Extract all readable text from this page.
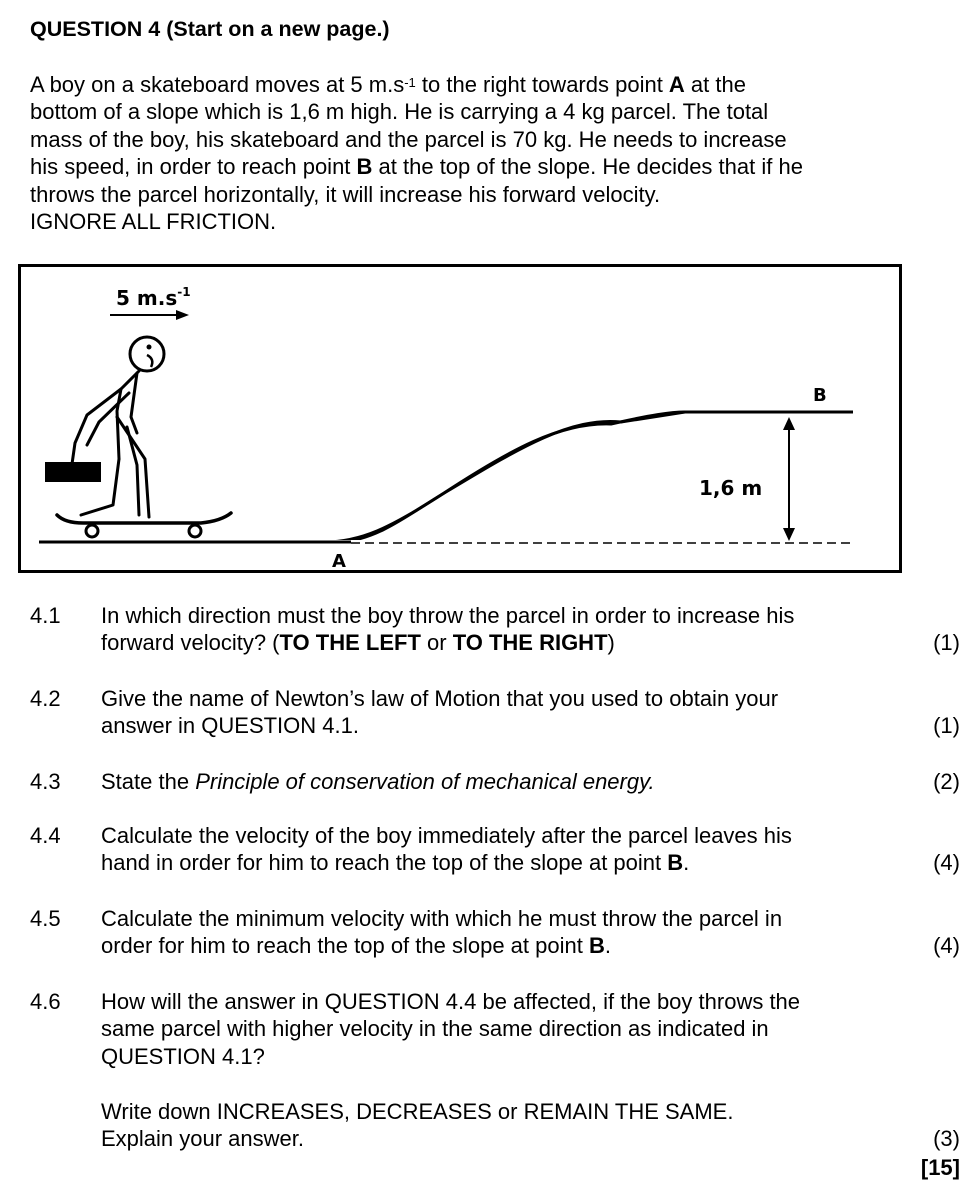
QUESTION 4 (Start on a new page.)
A boy on a skateboard moves at 5 $m.s^{-1}$ to the right towards point A at the
bottom of a slope which is 1,6 m high. He is carrying a 4 kg parcel. The total
mass of the boy, his skateboard and the parcel is 70 kg. He needs to increase
his speed, in order to reach point B at the top of the slope. He decides that if he
throws the parcel horizontally, it will increase his forward velocity.
IGNORE ALL FRICTION.
5 $m.s^{-1}$
A
B
1,6 m
4.1 In which direction must the boy throw the parcel in order to increase his
forward velocity? (TO THE LEFT or TO THE RIGHT)	(1)
4.2 Give the name of Newton’s law of Motion that you used to obtain your
answer in QUESTION 4.1.	(1)
4.3 State the Principle of conservation of mechanical energy.	(2)
4.4 Calculate the velocity of the boy immediately after the parcel leaves his
hand in order for him to reach the top of the slope at point B.	(4)
4.5 Calculate the minimum velocity with which he must throw the parcel in
order for him to reach the top of the slope at point B.	(4)
4.6 How will the answer in QUESTION 4.4 be affected, if the boy throws the
same parcel with higher velocity in the same direction as indicated in
QUESTION 4.1?
Write down INCREASES, DECREASES or REMAIN THE SAME.
Explain your answer.	(3)
[15]
